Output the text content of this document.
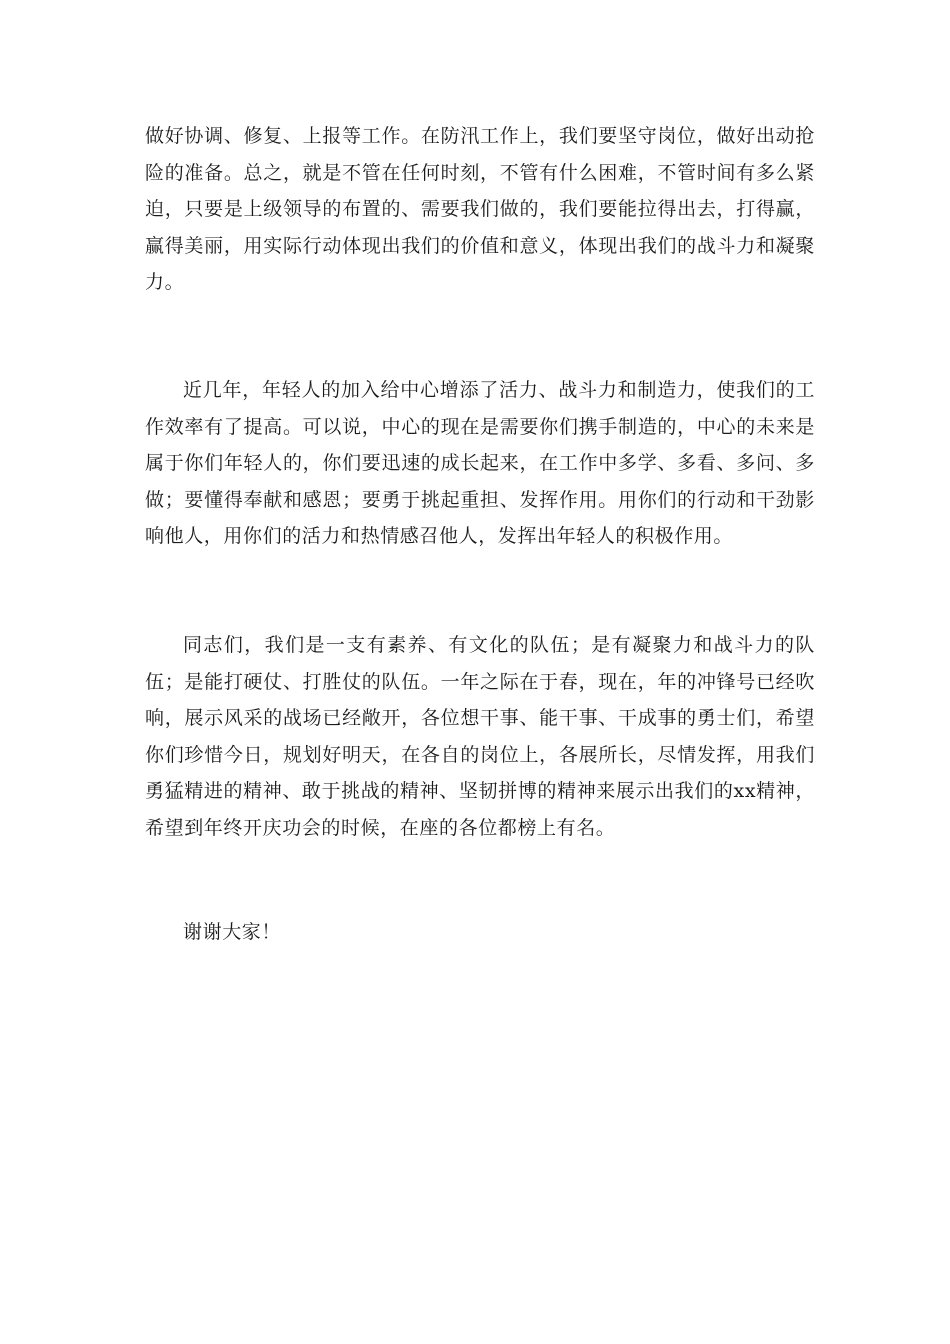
做好协调、修复、上报等工作。在防汛工作上，我们要坚守岗位，做好出动抢险的准备。总之，就是不管在任何时刻，不管有什么困难，不管时间有多么紧迫，只要是上级领导的布置的、需要我们做的，我们要能拉得出去，打得赢，赢得美丽，用实际行动体现出我们的价值和意义，体现出我们的战斗力和凝聚力。

近几年，年轻人的加入给中心增添了活力、战斗力和制造力，使我们的工作效率有了提高。可以说，中心的现在是需要你们携手制造的，中心的未来是属于你们年轻人的，你们要迅速的成长起来，在工作中多学、多看、多问、多做；要懂得奉献和感恩；要勇于挑起重担、发挥作用。用你们的行动和干劲影响他人，用你们的活力和热情感召他人，发挥出年轻人的积极作用。

同志们，我们是一支有素养、有文化的队伍；是有凝聚力和战斗力的队伍；是能打硬仗、打胜仗的队伍。一年之际在于春，现在，年的冲锋号已经吹响，展示风采的战场已经敞开，各位想干事、能干事、干成事的勇士们，希望你们珍惜今日，规划好明天，在各自的岗位上，各展所长，尽情发挥，用我们勇猛精进的精神、敢于挑战的精神、坚韧拼博的精神来展示出我们的xx精神，希望到年终开庆功会的时候，在座的各位都榜上有名。

谢谢大家！
